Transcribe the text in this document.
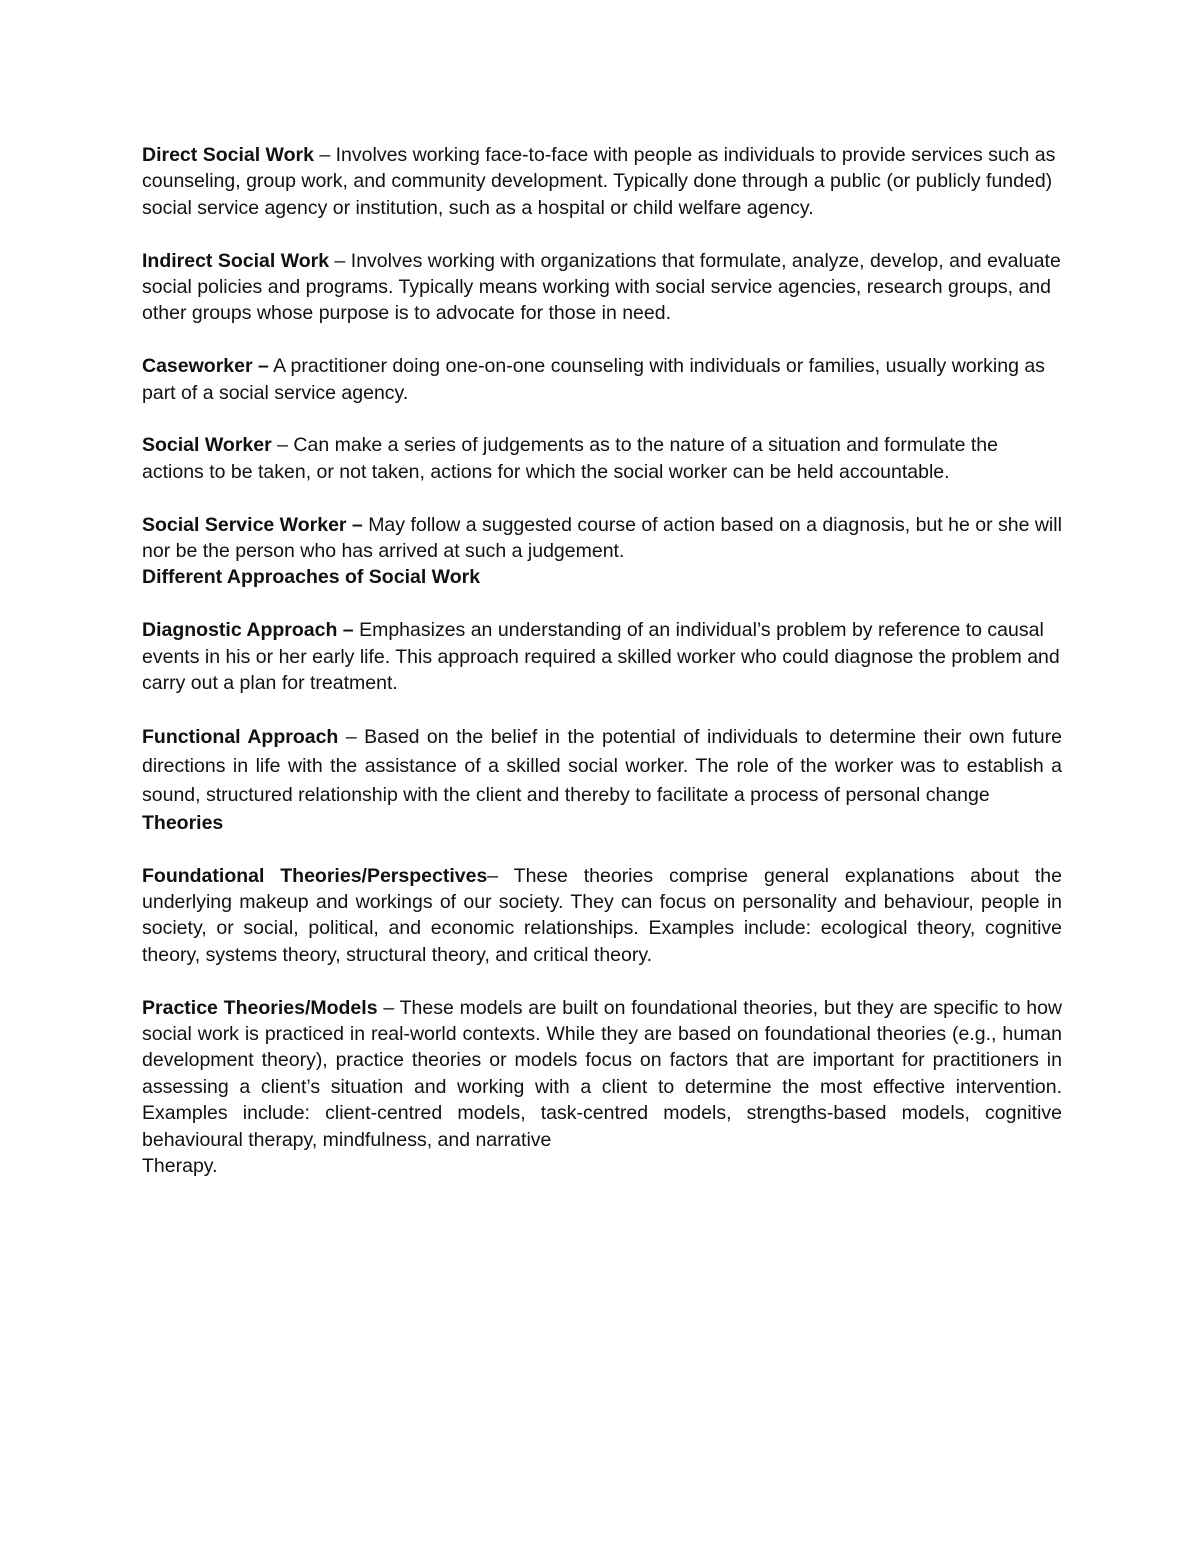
Direct Social Work – Involves working face-to-face with people as individuals to provide services such as counseling, group work, and community development. Typically done through a public (or publicly funded) social service agency or institution, such as a hospital or child welfare agency.

Indirect Social Work – Involves working with organizations that formulate, analyze, develop, and evaluate social policies and programs. Typically means working with social service agencies, research groups, and other groups whose purpose is to advocate for those in need.

Caseworker – A practitioner doing one-on-one counseling with individuals or families, usually working as part of a social service agency.

Social Worker – Can make a series of judgements as to the nature of a situation and formulate the actions to be taken, or not taken, actions for which the social worker can be held accountable.

Social Service Worker – May follow a suggested course of action based on a diagnosis, but he or she will nor be the person who has arrived at such a judgement.

Different Approaches of Social Work

Diagnostic Approach – Emphasizes an understanding of an individual’s problem by reference to causal events in his or her early life. This approach required a skilled worker who could diagnose the problem and carry out a plan for treatment.

Functional Approach – Based on the belief in the potential of individuals to determine their own future directions in life with the assistance of a skilled social worker. The role of the worker was to establish a sound, structured relationship with the client and thereby to facilitate a process of personal change

Theories

Foundational Theories/Perspectives– These theories comprise general explanations about the underlying makeup and workings of our society. They can focus on personality and behaviour, people in society, or social, political, and economic relationships. Examples include: ecological theory, cognitive theory, systems theory, structural theory, and critical theory.

Practice Theories/Models – These models are built on foundational theories, but they are specific to how social work is practiced in real-world contexts. While they are based on foundational theories (e.g., human development theory), practice theories or models focus on factors that are important for practitioners in assessing a client’s situation and working with a client to determine the most effective intervention. Examples include: client-centred models, task-centred models, strengths-based models, cognitive behavioural therapy, mindfulness, and narrative

Therapy.
